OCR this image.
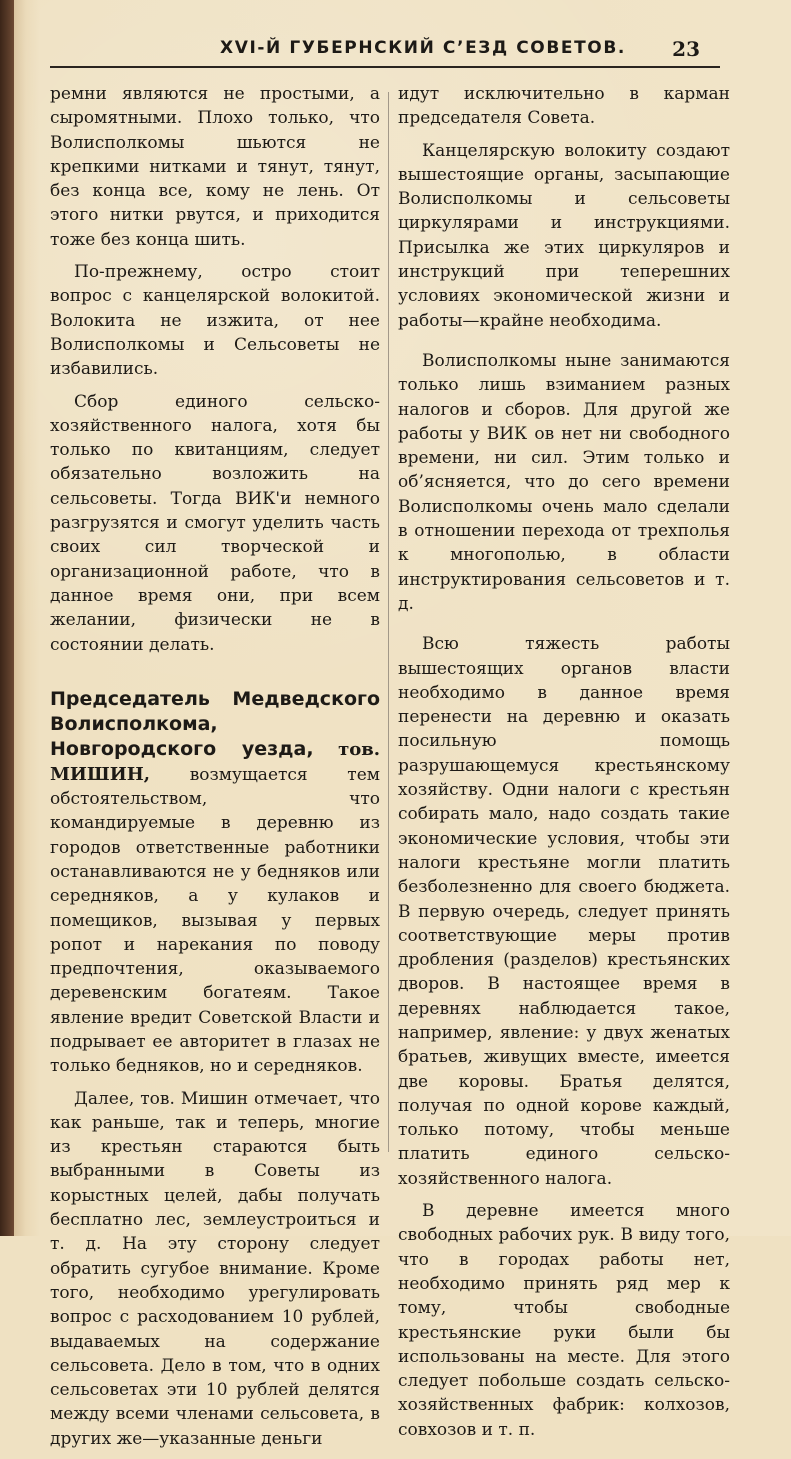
XVI-Й ГУБЕРНСКИЙ С’ЕЗД СОВЕТОВ. 23

ремни являются не простыми, а сыромятными. Плохо только, что Волисполкомы шьются не крепкими нитками и тянут, тянут, без конца все, кому не лень. От этого нитки рвутся, и приходится тоже без конца шить.

По-прежнему, остро стоит вопрос с канцелярской волокитой. Волокита не изжита, от нее Волисполкомы и Сельсоветы не избавились.

Сбор единого сельско-хозяйственного налога, хотя бы только по квитанциям, следует обязательно возложить на сельсоветы. Тогда ВИК'и немного разгрузятся и смогут уделить часть своих сил творческой и организационной работе, что в данное время они, при всем желании, физически не в состоянии делать.

Председатель Медведского Волисполкома, Новгородского уезда, тов. МИШИН, возмущается тем обстоятельством, что командируемые в деревню из городов ответственные работники останавливаются не у бедняков или середняков, а у кулаков и помещиков, вызывая у первых ропот и нарекания по поводу предпочтения, оказываемого деревенским богатеям. Такое явление вредит Советской Власти и подрывает ее авторитет в глазах не только бедняков, но и середняков.

Далее, тов. Мишин отмечает, что как раньше, так и теперь, многие из крестьян стараются быть выбранными в Советы из корыстных целей, дабы получать бесплатно лес, землеустроиться и т. д. На эту сторону следует обратить сугубое внимание. Кроме того, необходимо урегулировать вопрос с расходованием 10 рублей, выдаваемых на содержание сельсовета. Дело в том, что в одних сельсоветах эти 10 рублей делятся между всеми членами сельсовета, в других же—указанные деньги

идут исключительно в карман председателя Совета.

Канцелярскую волокиту создают вышестоящие органы, засыпающие Волисполкомы и сельсоветы циркулярами и инструкциями. Присылка же этих циркуляров и инструкций при теперешних условиях экономической жизни и работы—крайне необходима.

Волисполкомы ныне занимаются только лишь взиманием разных налогов и сборов. Для другой же работы у ВИК ов нет ни свободного времени, ни сил. Этим только и об’ясняется, что до сего времени Волисполкомы очень мало сделали в отношении перехода от трехполья к многополью, в области инструктирования сельсоветов и т. д.

Всю тяжесть работы вышестоящих органов власти необходимо в данное время перенести на деревню и оказать посильную помощь разрушающемуся крестьянскому хозяйству. Одни налоги с крестьян собирать мало, надо создать такие экономические условия, чтобы эти налоги крестьяне могли платить безболезненно для своего бюджета. В первую очередь, следует принять соответствующие меры против дробления (разделов) крестьянских дворов. В настоящее время в деревнях наблюдается такое, например, явление: у двух женатых братьев, живущих вместе, имеется две коровы. Братья делятся, получая по одной корове каждый, только потому, чтобы меньше платить единого сельско-хозяйственного налога.

В деревне имеется много свободных рабочих рук. В виду того, что в городах работы нет, необходимо принять ряд мер к тому, чтобы свободные крестьянские руки были бы использованы на месте. Для этого следует побольше создать сельско-хозяйственных фабрик: колхозов, совхозов и т. п.
